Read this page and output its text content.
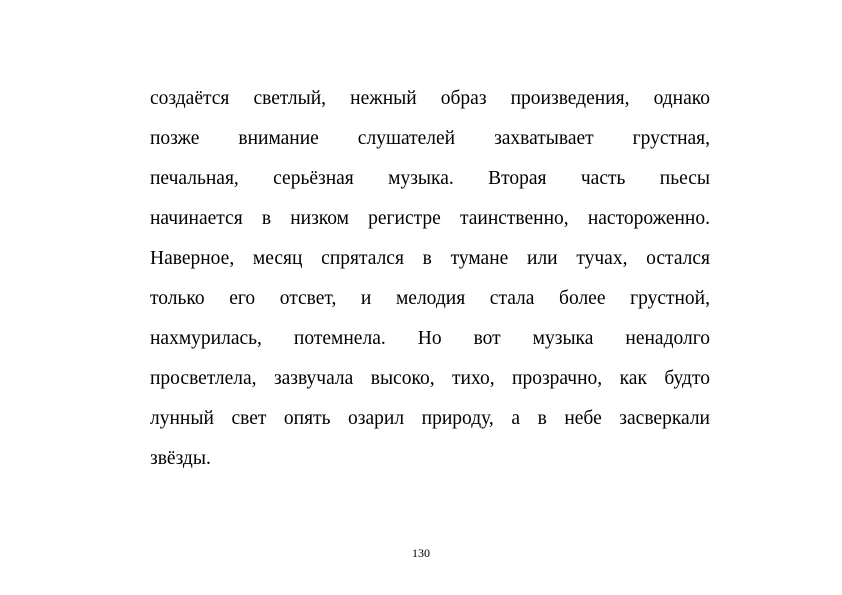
создаётся светлый, нежный образ произведения, однако
позже внимание слушателей захватывает грустная,
печальная, серьёзная музыка. Вторая часть пьесы
начинается в низком регистре таинственно, настороженно.
Наверное, месяц спрятался в тумане или тучах, остался
только его отсвет, и мелодия стала более грустной,
нахмурилась, потемнела. Но вот музыка ненадолго
просветлела, зазвучала высоко, тихо, прозрачно, как будто
лунный свет опять озарил природу, а в небе засверкали
звёзды.
130
